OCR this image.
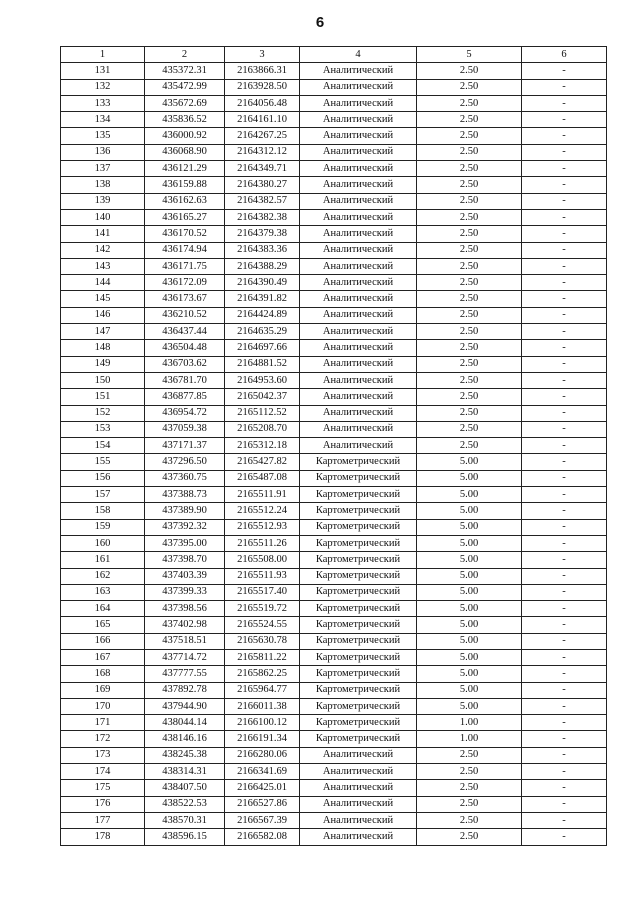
6
1	2	3	4	5	6
131	435372.31	2163866.31	Аналитический	2.50	-
132	435472.99	2163928.50	Аналитический	2.50	-
133	435672.69	2164056.48	Аналитический	2.50	-
134	435836.52	2164161.10	Аналитический	2.50	-
135	436000.92	2164267.25	Аналитический	2.50	-
136	436068.90	2164312.12	Аналитический	2.50	-
137	436121.29	2164349.71	Аналитический	2.50	-
138	436159.88	2164380.27	Аналитический	2.50	-
139	436162.63	2164382.57	Аналитический	2.50	-
140	436165.27	2164382.38	Аналитический	2.50	-
141	436170.52	2164379.38	Аналитический	2.50	-
142	436174.94	2164383.36	Аналитический	2.50	-
143	436171.75	2164388.29	Аналитический	2.50	-
144	436172.09	2164390.49	Аналитический	2.50	-
145	436173.67	2164391.82	Аналитический	2.50	-
146	436210.52	2164424.89	Аналитический	2.50	-
147	436437.44	2164635.29	Аналитический	2.50	-
148	436504.48	2164697.66	Аналитический	2.50	-
149	436703.62	2164881.52	Аналитический	2.50	-
150	436781.70	2164953.60	Аналитический	2.50	-
151	436877.85	2165042.37	Аналитический	2.50	-
152	436954.72	2165112.52	Аналитический	2.50	-
153	437059.38	2165208.70	Аналитический	2.50	-
154	437171.37	2165312.18	Аналитический	2.50	-
155	437296.50	2165427.82	Картометрический	5.00	-
156	437360.75	2165487.08	Картометрический	5.00	-
157	437388.73	2165511.91	Картометрический	5.00	-
158	437389.90	2165512.24	Картометрический	5.00	-
159	437392.32	2165512.93	Картометрический	5.00	-
160	437395.00	2165511.26	Картометрический	5.00	-
161	437398.70	2165508.00	Картометрический	5.00	-
162	437403.39	2165511.93	Картометрический	5.00	-
163	437399.33	2165517.40	Картометрический	5.00	-
164	437398.56	2165519.72	Картометрический	5.00	-
165	437402.98	2165524.55	Картометрический	5.00	-
166	437518.51	2165630.78	Картометрический	5.00	-
167	437714.72	2165811.22	Картометрический	5.00	-
168	437777.55	2165862.25	Картометрический	5.00	-
169	437892.78	2165964.77	Картометрический	5.00	-
170	437944.90	2166011.38	Картометрический	5.00	-
171	438044.14	2166100.12	Картометрический	1.00	-
172	438146.16	2166191.34	Картометрический	1.00	-
173	438245.38	2166280.06	Аналитический	2.50	-
174	438314.31	2166341.69	Аналитический	2.50	-
175	438407.50	2166425.01	Аналитический	2.50	-
176	438522.53	2166527.86	Аналитический	2.50	-
177	438570.31	2166567.39	Аналитический	2.50	-
178	438596.15	2166582.08	Аналитический	2.50	-
